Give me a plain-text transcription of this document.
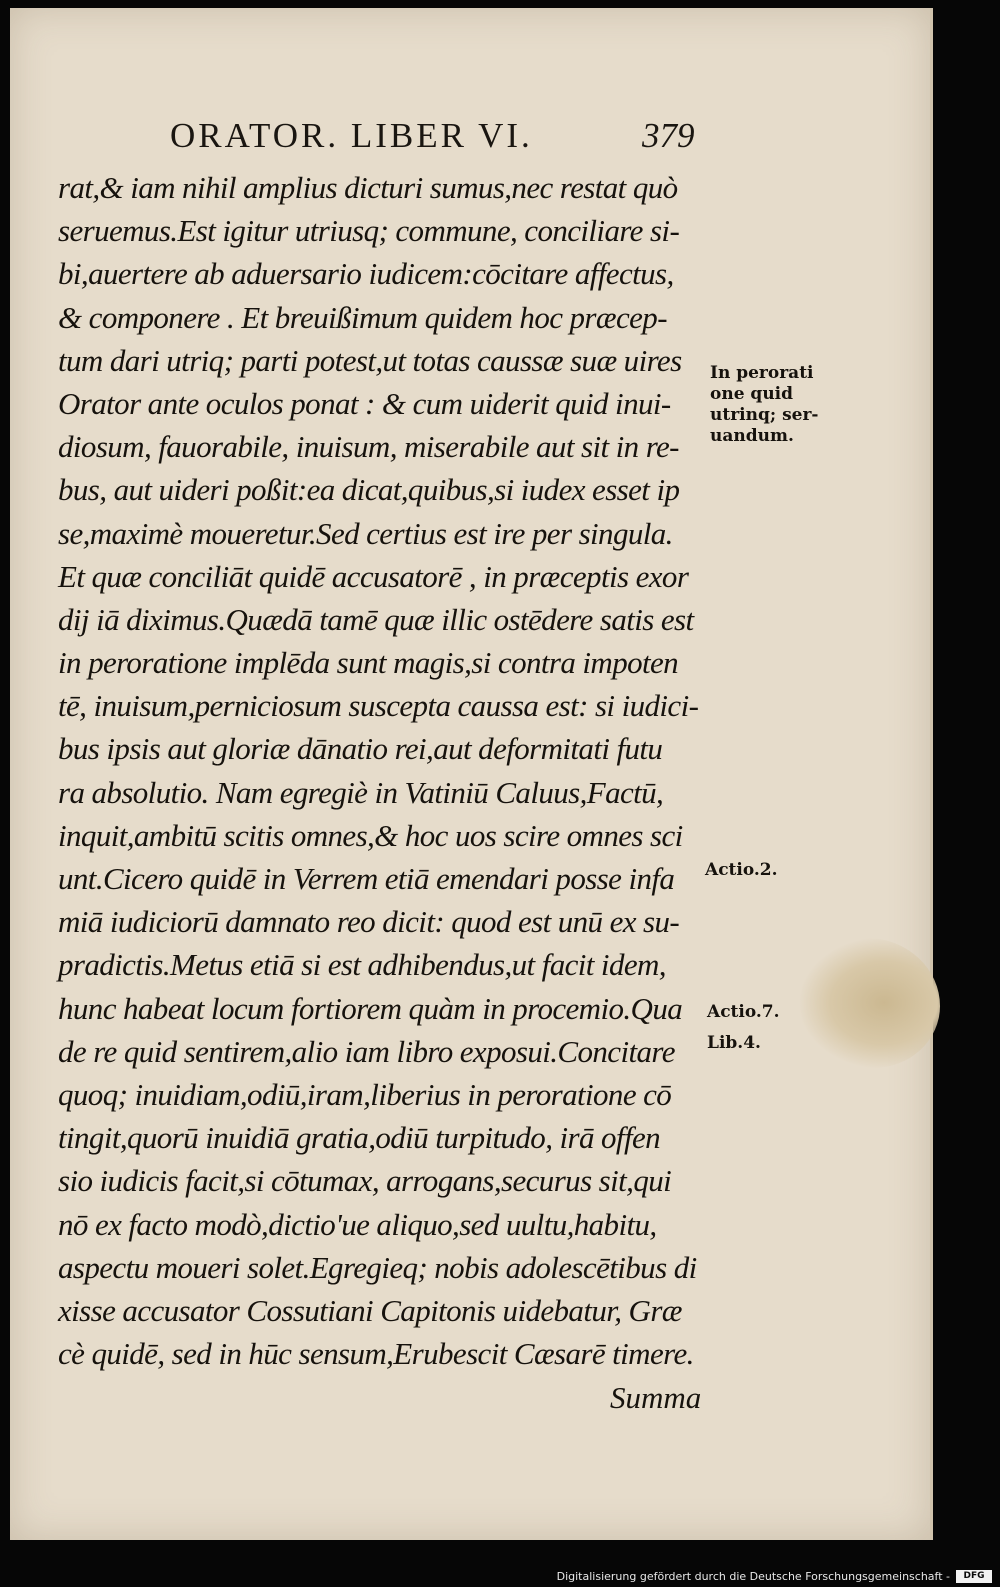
ORATOR. LIBER VI.	379
rat,& iam nihil amplius dicturi sumus,nec restat quò
seruemus.Est igitur utriusq; commune, conciliare si-
bi,auertere ab aduersario iudicem:cōcitare affectus,
& componere . Et breuißimum quidem hoc præcep-
tum dari utriq; parti potest,ut totas caussæ suæ uires
Orator ante oculos ponat : & cum uiderit quid inui-
diosum, fauorabile, inuisum, miserabile aut sit in re-
bus, aut uideri poßit:ea dicat,quibus,si iudex esset ip
se,maximè moueretur.Sed certius est ire per singula.
Et quæ conciliāt quidē accusatorē , in præceptis exor
dij iā diximus.Quædā tamē quæ illic ostēdere satis est
in peroratione implēda sunt magis,si contra impoten
tē, inuisum,perniciosum suscepta caussa est: si iudici-
bus ipsis aut gloriæ dānatio rei,aut deformitati futu
ra absolutio. Nam egregiè in Vatiniū Caluus,Factū,
inquit,ambitū scitis omnes,& hoc uos scire omnes sci
unt.Cicero quidē in Verrem etiā emendari posse infa
miā iudiciorū damnato reo dicit: quod est unū ex su-
pradictis.Metus etiā si est adhibendus,ut facit idem,
hunc habeat locum fortiorem quàm in procemio.Qua
de re quid sentirem,alio iam libro exposui.Concitare
quoq; inuidiam,odiū,iram,liberius in peroratione cō
tingit,quorū inuidiā gratia,odiū turpitudo, irā offen
sio iudicis facit,si cōtumax, arrogans,securus sit,qui
nō ex facto modò,dictio'ue aliquo,sed uultu,habitu,
aspectu moueri solet.Egregieq; nobis adolescētibus di
xisse accusator Cossutiani Capitonis uidebatur, Græ
cè quidē, sed in hūc sensum,Erubescit Cæsarē timere.
Summa
In perorati
one quid
utrinq; ser-
uandum.
Actio.2.
Actio.7.
Lib.4.
Digitalisierung gefördert durch die Deutsche Forschungsgemeinschaft -	DFG
